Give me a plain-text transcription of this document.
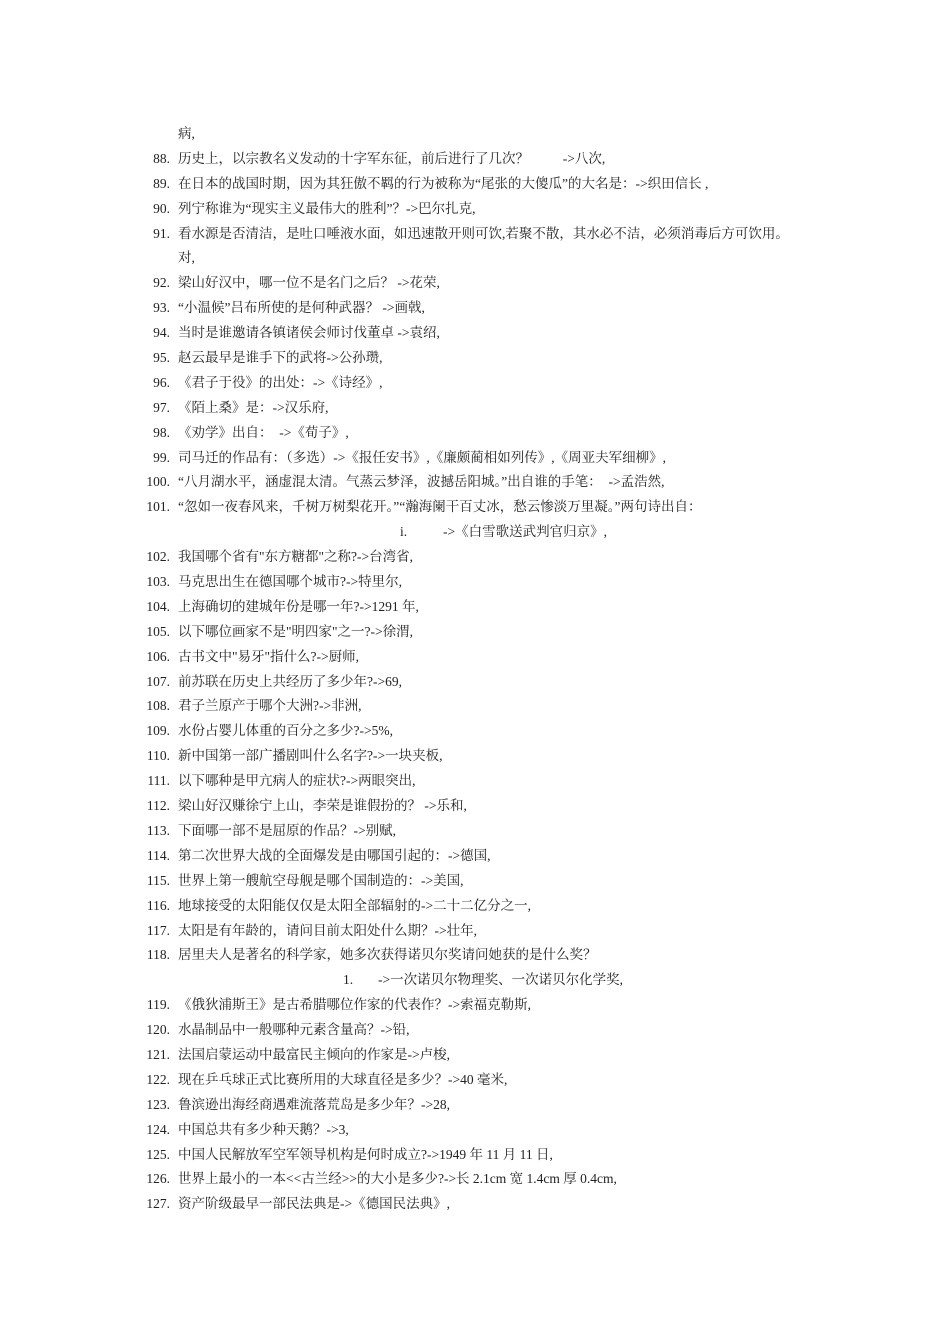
病,
88. 历史上，以宗教名义发动的十字军东征，前后进行了几次？          ->八次,
89. 在日本的战国时期，因为其狂傲不羁的行为被称为“尾张的大傻瓜”的大名是：->织田信长 ,
90. 列宁称谁为“现实主义最伟大的胜利”？->巴尔扎克,
91. 看水源是否清洁，是吐口唾液水面，如迅速散开则可饮,若聚不散，其水必不洁，必须消毒后方可饮用。
对,
92. 梁山好汉中，哪一位不是名门之后？ ->花荣,
93. “小温候”吕布所使的是何种武器？ ->画戟,
94. 当时是谁邀请各镇诸侯会师讨伐董卓 ->袁绍,
95. 赵云最早是谁手下的武将->公孙瓒,
96. 《君子于役》的出处：->《诗经》,
97. 《陌上桑》是：->汉乐府,
98. 《劝学》出自：  ->《荀子》,
99. 司马迁的作品有：（多选）->《报任安书》,《廉颇蔺相如列传》,《周亚夫军细柳》,
100. “八月湖水平，涵虚混太清。气蒸云梦泽，波撼岳阳城。”出自谁的手笔：  ->孟浩然,
101. “忽如一夜春风来，千树万树梨花开。”“瀚海阑干百丈冰，愁云惨淡万里凝。”两句诗出自：
i.	->《白雪歌送武判官归京》,
102. 我国哪个省有"东方糖都"之称?->台湾省,
103. 马克思出生在德国哪个城市?->特里尔,
104. 上海确切的建城年份是哪一年?->1291 年,
105. 以下哪位画家不是"明四家"之一?->徐渭,
106. 古书文中"易牙"指什么?->厨师,
107. 前苏联在历史上共经历了多少年?->69,
108. 君子兰原产于哪个大洲?->非洲,
109. 水份占婴儿体重的百分之多少?->5%,
110. 新中国第一部广播剧叫什么名字?->一块夹板,
111. 以下哪种是甲亢病人的症状?->两眼突出,
112. 梁山好汉赚徐宁上山，李荣是谁假扮的？ ->乐和,
113. 下面哪一部不是屈原的作品？->别赋,
114. 第二次世界大战的全面爆发是由哪国引起的：->德国,
115. 世界上第一艘航空母舰是哪个国制造的：->美国,
116. 地球接受的太阳能仅仅是太阳全部辐射的->二十二亿分之一,
117. 太阳是有年龄的，请问目前太阳处什么期？->壮年,
118. 居里夫人是著名的科学家，她多次获得诺贝尔奖请问她获的是什么奖？
1. ->一次诺贝尔物理奖、一次诺贝尔化学奖,
119. 《俄狄浦斯王》是古希腊哪位作家的代表作？->索福克勒斯,
120. 水晶制品中一般哪种元素含量高？->铅,
121. 法国启蒙运动中最富民主倾向的作家是->卢梭,
122. 现在乒乓球正式比赛所用的大球直径是多少？->40 毫米,
123. 鲁滨逊出海经商遇难流落荒岛是多少年？->28,
124. 中国总共有多少种天鹅？->3,
125. 中国人民解放军空军领导机构是何时成立?->1949 年 11 月 11 日,
126. 世界上最小的一本<<古兰经>>的大小是多少?->长 2.1cm 宽 1.4cm 厚 0.4cm,
127. 资产阶级最早一部民法典是->《德国民法典》,
